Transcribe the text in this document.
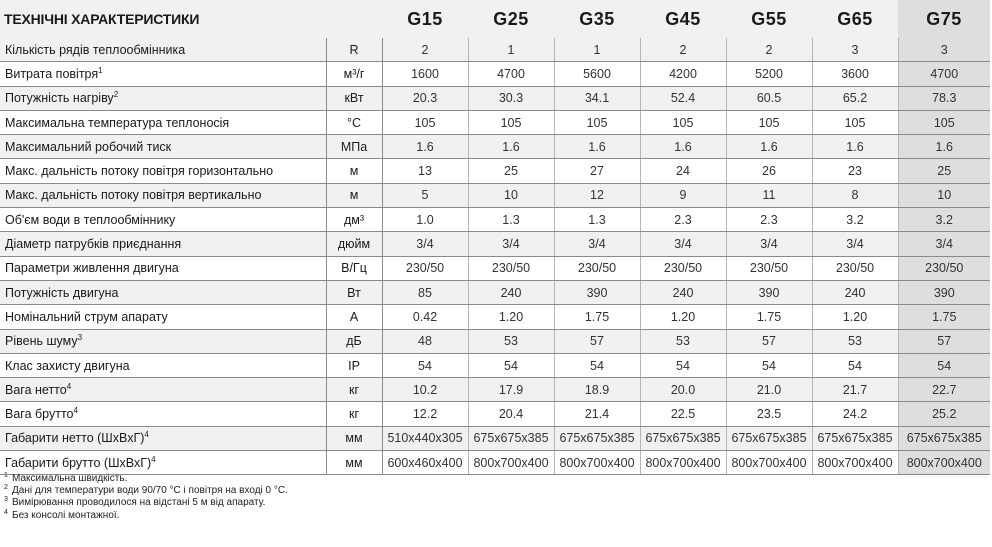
ТЕХНІЧНІ ХАРАКТЕРИСТИКИ		G15	G25	G35	G45	G55	G65	G75
Кількість рядів теплообмінника	R	2	1	1	2	2	3	3
Витрата повітря$^1$	м³/г	1600	4700	5600	4200	5200	3600	4700
Потужність нагріву$^2$	кВт	20.3	30.3	34.1	52.4	60.5	65.2	78.3
Максимальна температура теплоносія	°C	105	105	105	105	105	105	105
Максимальний робочий тиск	МПа	1.6	1.6	1.6	1.6	1.6	1.6	1.6
Макс. дальність потоку повітря горизонтально	м	13	25	27	24	26	23	25
Макс. дальність потоку повітря вертикально	м	5	10	12	9	11	8	10
Об'єм води в теплообміннику	дм³	1.0	1.3	1.3	2.3	2.3	3.2	3.2
Діаметр патрубків приєднання	дюйм	3/4	3/4	3/4	3/4	3/4	3/4	3/4
Параметри живлення двигуна	В/Гц	230/50	230/50	230/50	230/50	230/50	230/50	230/50
Потужність двигуна	Вт	85	240	390	240	390	240	390
Номінальний струм апарату	А	0.42	1.20	1.75	1.20	1.75	1.20	1.75
Рівень шуму$^3$	дБ	48	53	57	53	57	53	57
Клас захисту двигуна	IP	54	54	54	54	54	54	54
Вага нетто$^4$	кг	10.2	17.9	18.9	20.0	21.0	21.7	22.7
Вага брутто$^4$	кг	12.2	20.4	21.4	22.5	23.5	24.2	25.2
Габарити нетто (ШхВхГ)$^4$	мм	510x440x305	675x675x385	675x675x385	675x675x385	675x675x385	675x675x385	675x675x385
Габарити брутто (ШхВхГ)$^4$	мм	600x460x400	800x700x400	800x700x400	800x700x400	800x700x400	800x700x400	800x700x400
$^1$ Максимальна швидкість.
$^2$ Дані для температури води 90/70 °C і повітря на вході 0 °C.
$^3$ Вимірювання проводилося на відстані 5 м від апарату.
$^4$ Без консолі монтажної.
